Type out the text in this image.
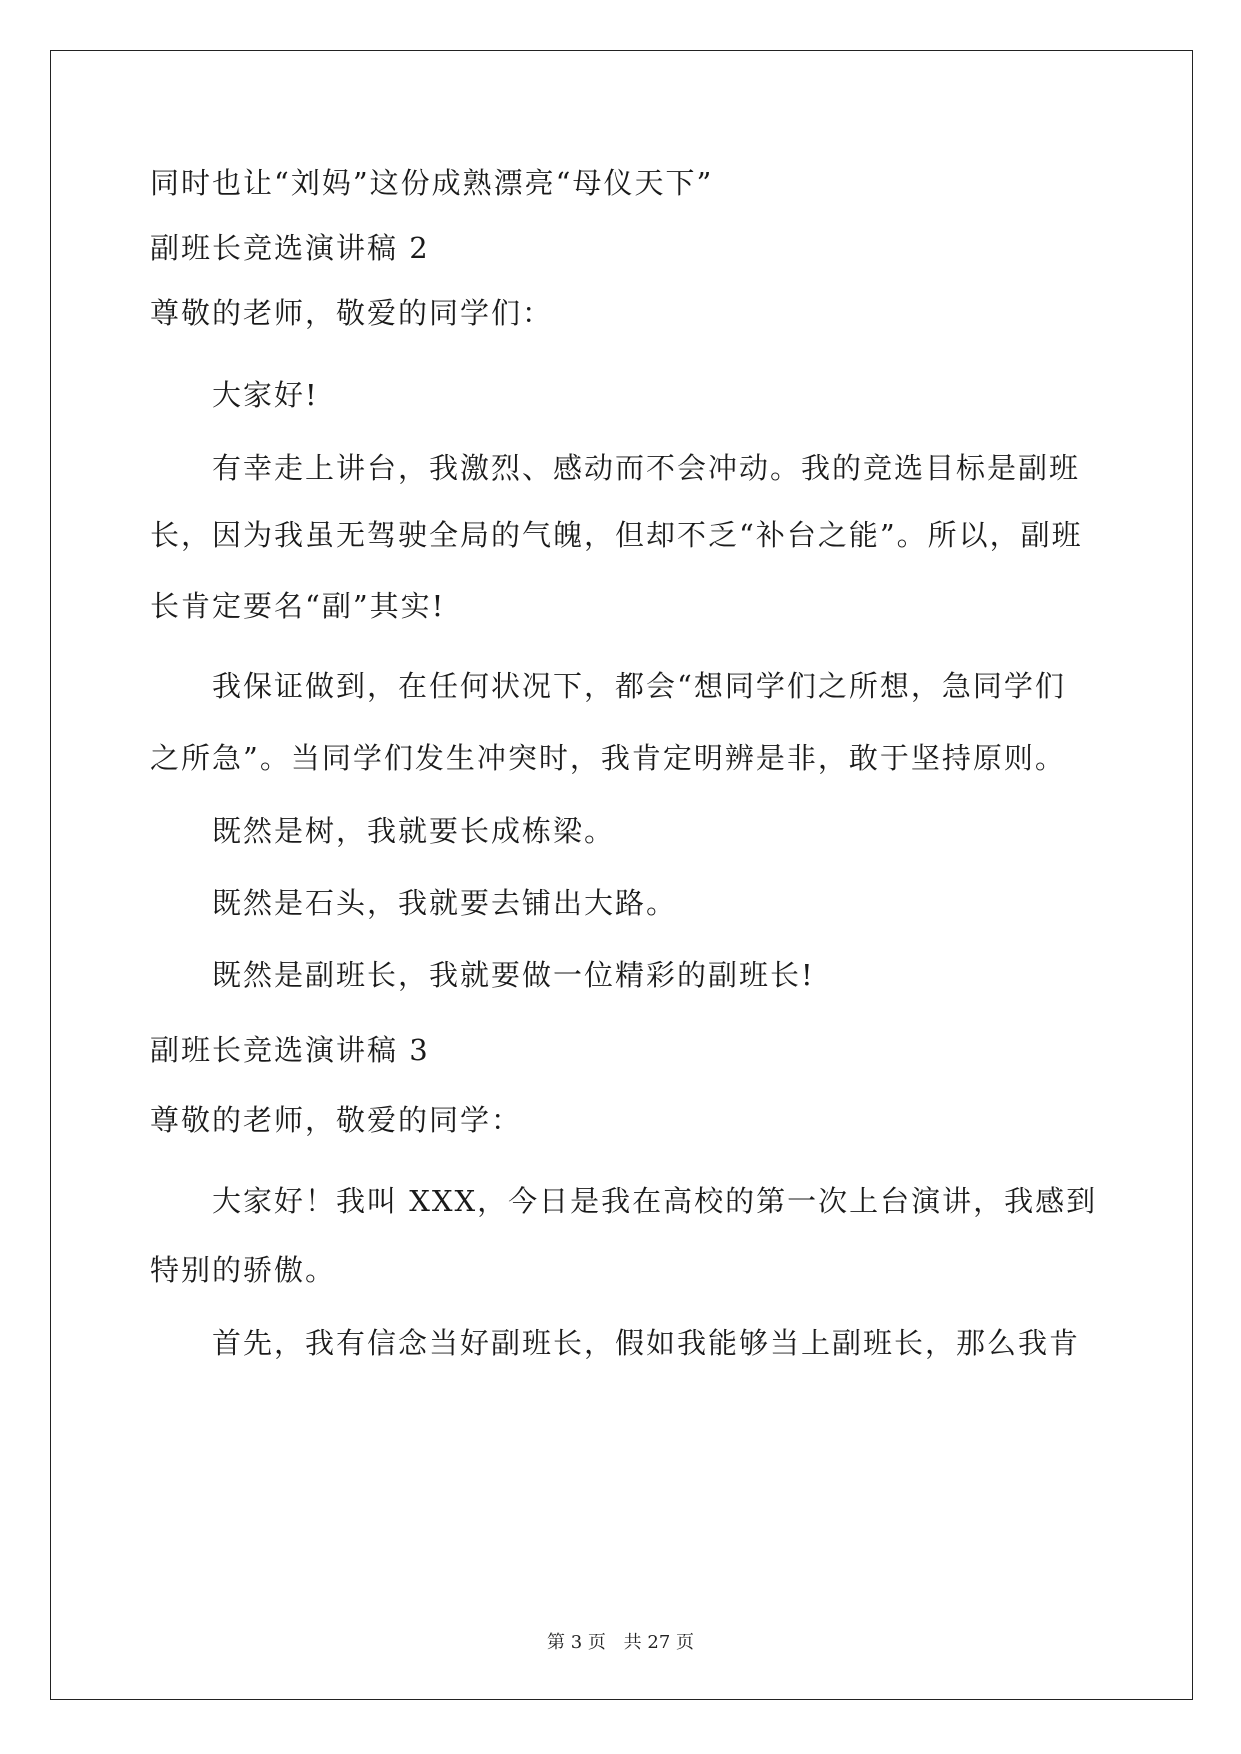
同时也让“刘妈”这份成熟漂亮“母仪天下”
副班长竞选演讲稿 2
尊敬的老师，敬爱的同学们：
大家好!
有幸走上讲台，我激烈、感动而不会冲动。我的竞选目标是副班
长，因为我虽无驾驶全局的气魄，但却不乏“补台之能”。所以，副班
长肯定要名“副”其实!
我保证做到，在任何状况下，都会“想同学们之所想，急同学们
之所急”。当同学们发生冲突时，我肯定明辨是非，敢于坚持原则。
既然是树，我就要长成栋梁。
既然是石头，我就要去铺出大路。
既然是副班长，我就要做一位精彩的副班长!
副班长竞选演讲稿 3
尊敬的老师，敬爱的同学：
大家好！我叫 XXX，今日是我在高校的第一次上台演讲，我感到
特别的骄傲。
首先，我有信念当好副班长，假如我能够当上副班长，那么我肯
第 3 页 共 27 页
